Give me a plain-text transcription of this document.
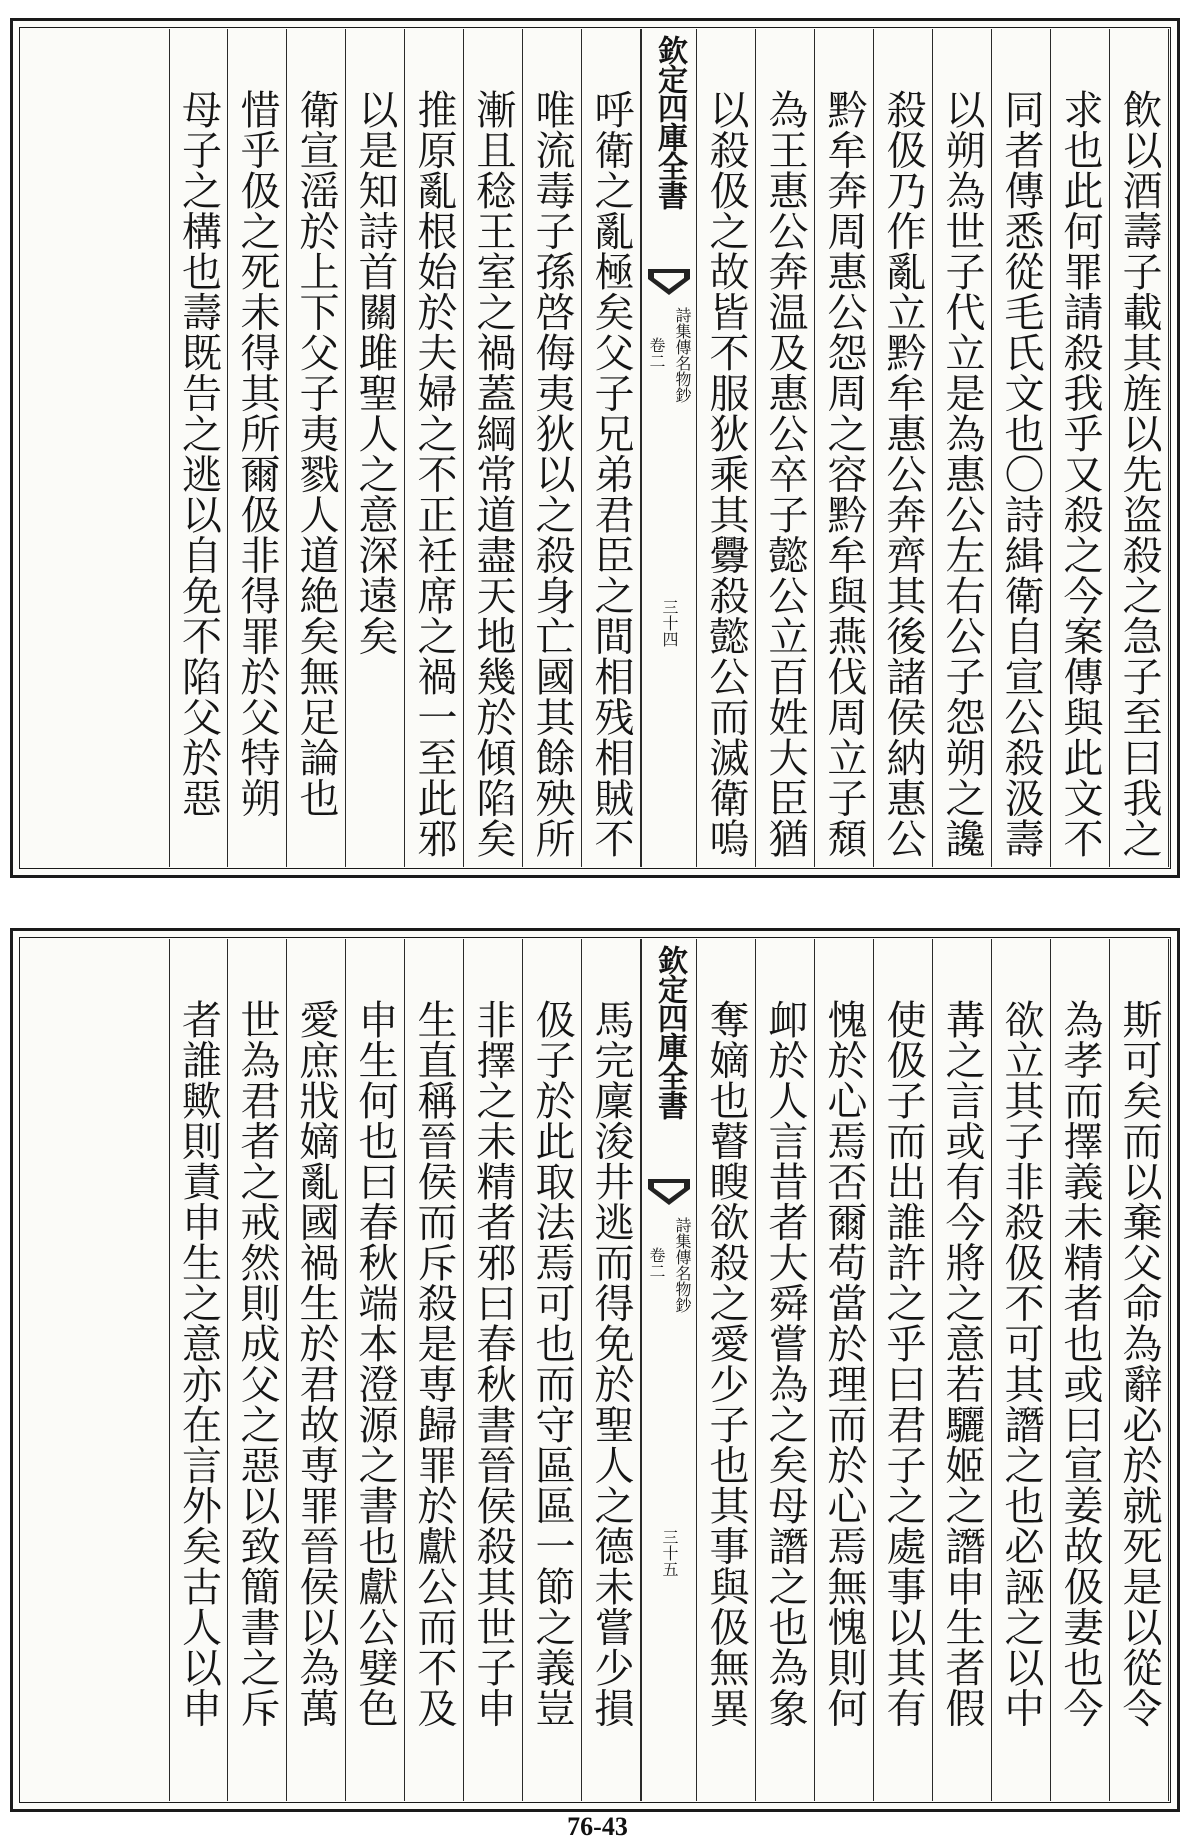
飲以酒壽子載其旌以先盗殺之急子至曰我之
求也此何罪請殺我乎又殺之今案傳與此文不
同者傳悉從毛氏文也〇詩緝衛自宣公殺汲壽
以朔為世子代立是為惠公左右公子怨朔之讒
殺伋乃作亂立黔牟惠公奔齊其後諸侯納惠公
黔牟奔周惠公怨周之容黔牟與燕伐周立子頹
為王惠公奔温及惠公卒子懿公立百姓大臣猶
以殺伋之故皆不服狄乘其釁殺懿公而滅衛嗚
欽定四庫全書
卷二 詩集傳名物鈔
三十四
呼衛之亂極矣父子兄弟君臣之間相残相賊不
唯流毒子孫啓侮夷狄以之殺身亡國其餘殃所
漸且稔王室之禍蓋綱常道盡天地幾於傾陷矣
推原亂根始於夫婦之不正衽席之禍一至此邪
以是知詩首關雎聖人之意深遠矣
衛宣滛於上下父子夷戮人道絶矣無足論也
惜乎伋之死未得其所爾伋非得罪於父特朔
母子之構也壽既告之逃以自免不陷父於惡
斯可矣而以棄父命為辭必於就死是以從令
為孝而擇義未精者也或曰宣姜故伋妻也今
欲立其子非殺伋不可其譖之也必誣之以中
冓之言或有今將之意若驪姬之譖申生者假
使伋子而出誰許之乎曰君子之處事以其有
愧於心焉否爾苟當於理而於心焉無愧則何
卹於人言昔者大舜嘗為之矣母譖之也為象
奪嫡也瞽瞍欲殺之愛少子也其事與伋無異
欽定四庫全書
卷二 詩集傳名物鈔
三十五
馬完廩浚井逃而得免於聖人之德未嘗少損
伋子於此取法焉可也而守區區一節之義豈
非擇之未精者邪曰春秋書晉侯殺其世子申
生直稱晉侯而斥殺是専歸罪於獻公而不及
申生何也曰春秋端本澄源之書也獻公嬖色
愛庶戕嫡亂國禍生於君故専罪晉侯以為萬
世為君者之戒然則成父之惡以致簡書之斥
者誰歟則責申生之意亦在言外矣古人以申
76-43
